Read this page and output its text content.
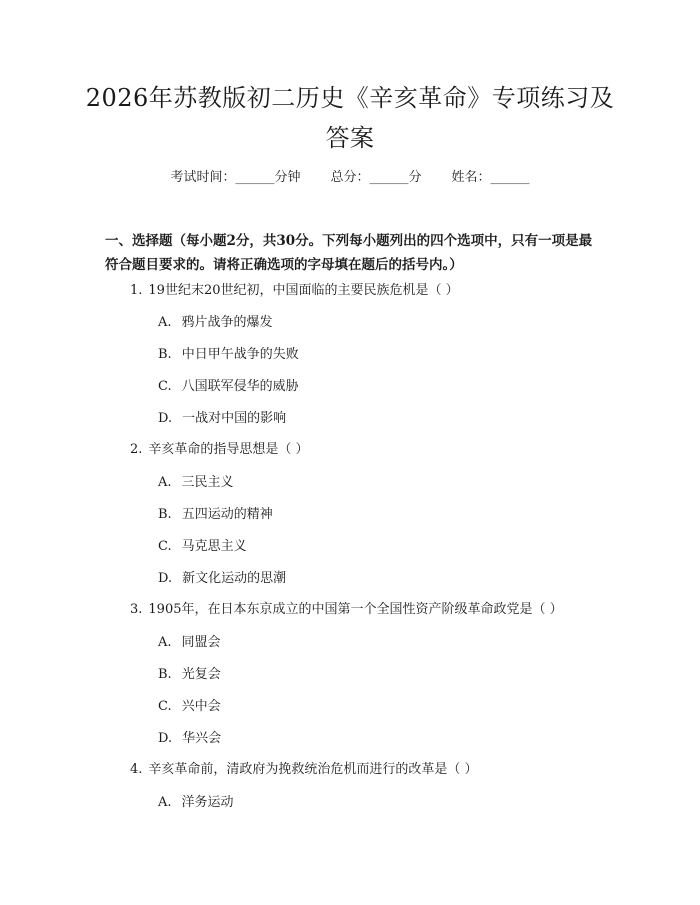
2026年苏教版初二历史《辛亥革命》专项练习及答案
考试时间：______分钟 总分：______分 姓名：______
一、选择题（每小题2分，共30分。下列每小题列出的四个选项中，只有一项是最符合题目要求的。请将正确选项的字母填在题后的括号内。）
1. 19世纪末20世纪初，中国面临的主要民族危机是（ ）
A. 鸦片战争的爆发
B. 中日甲午战争的失败
C. 八国联军侵华的威胁
D. 一战对中国的影响
2. 辛亥革命的指导思想是（ ）
A. 三民主义
B. 五四运动的精神
C. 马克思主义
D. 新文化运动的思潮
3. 1905年，在日本东京成立的中国第一个全国性资产阶级革命政党是（ ）
A. 同盟会
B. 光复会
C. 兴中会
D. 华兴会
4. 辛亥革命前，清政府为挽救统治危机而进行的改革是（ ）
A. 洋务运动
